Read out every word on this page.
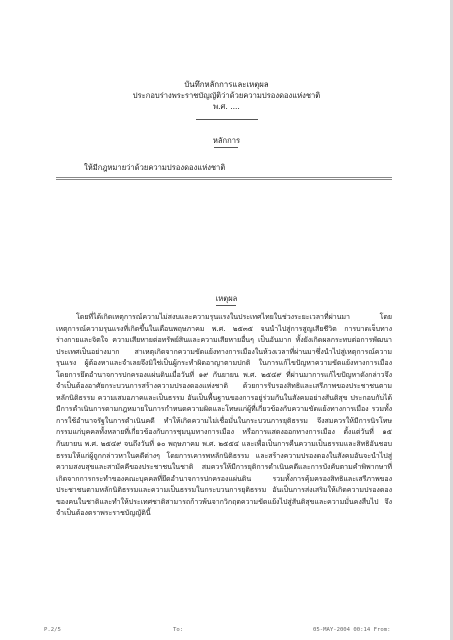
บันทึกหลักการและเหตุผล
ประกอบร่างพระราชบัญญัติว่าด้วยความปรองดองแห่งชาติ
พ.ศ. ....
หลักการ
ให้มีกฎหมายว่าด้วยความปรองดองแห่งชาติ
เหตุผล
โดยที่ได้เกิดเหตุการณ์ความไม่สงบและความรุนแรงในประเทศไทยในช่วงระยะเวลาที่ผ่านมา โดยเหตุการณ์ความรุนแรงที่เกิดขึ้นในเดือนพฤษภาคม พ.ศ. ๒๕๓๕ จนนำไปสู่การสูญเสียชีวิต การบาดเจ็บทางร่างกายและจิตใจ ความเสียหายต่อทรัพย์สินและความเสียหายอื่นๆ เป็นอันมาก ทั้งยังเกิดผลกระทบต่อการพัฒนาประเทศเป็นอย่างมาก สาเหตุเกิดจากความขัดแย้งทางการเมืองในห้วงเวลาที่ผ่านมาซึ่งนำไปสู่เหตุการณ์ความรุนแรง ผู้ต้องหาและจำเลยจึงมิใช่เป็นผู้กระทำผิดอาญาตามปกติ ในการแก้ไขปัญหาความขัดแย้งทางการเมืองโดยการยึดอำนาจการปกครองแผ่นดินเมื่อวันที่ ๑๙ กันยายน พ.ศ. ๒๕๔๙ ที่ผ่านมาการแก้ไขปัญหาดังกล่าวจึงจำเป็นต้องอาศัยกระบวนการสร้างความปรองดองแห่งชาติ ด้วยการรับรองสิทธิและเสรีภาพของประชาชนตามหลักนิติธรรม ความเสมอภาคและเป็นธรรม อันเป็นพื้นฐานของการอยู่ร่วมกันในสังคมอย่างสันติสุข ประกอบกับได้มีการดำเนินการตามกฎหมายในการกำหนดความผิดและโทษแก่ผู้ที่เกี่ยวข้องกับความขัดแย้งทางการเมือง รวมทั้งการใช้อำนาจรัฐในการดำเนินคดี ทำให้เกิดความไม่เชื่อมั่นในกระบวนการยุติธรรม จึงสมควรให้มีการนิรโทษกรรมแก่บุคคลทั้งหลายที่เกี่ยวข้องกับการชุมนุมทางการเมือง หรือการแสดงออกทางการเมือง ตั้งแต่วันที่ ๑๕ กันยายน พ.ศ. ๒๕๔๙ จนถึงวันที่ ๑๐ พฤษภาคม พ.ศ. ๒๕๕๔ และเพื่อเป็นการคืนความเป็นธรรมและสิทธิอันชอบธรรมให้แก่ผู้ถูกกล่าวหาในคดีต่างๆ โดยการเคารพหลักนิติธรรม และสร้างความปรองดองในสังคมอันจะนำไปสู่ความสงบสุขและสามัคคีของประชาชนในชาติ สมควรให้มีการยุติการดำเนินคดีและการบังคับตามคำพิพากษาที่เกิดจากการกระทำของคณะบุคคลที่ยึดอำนาจการปกครองแผ่นดิน รวมทั้งการคุ้มครองสิทธิและเสรีภาพของประชาชนตามหลักนิติธรรมและความเป็นธรรมในกระบวนการยุติธรรม อันเป็นการส่งเสริมให้เกิดความปรองดองของคนในชาติและทำให้ประเทศชาติสามารถก้าวพ้นจากวิกฤตความขัดแย้งไปสู่สันติสุขและความมั่นคงสืบไป จึงจำเป็นต้องตราพระราชบัญญัตินี้
05-MAY-2004 00:14 From:
To:
P.2/5
